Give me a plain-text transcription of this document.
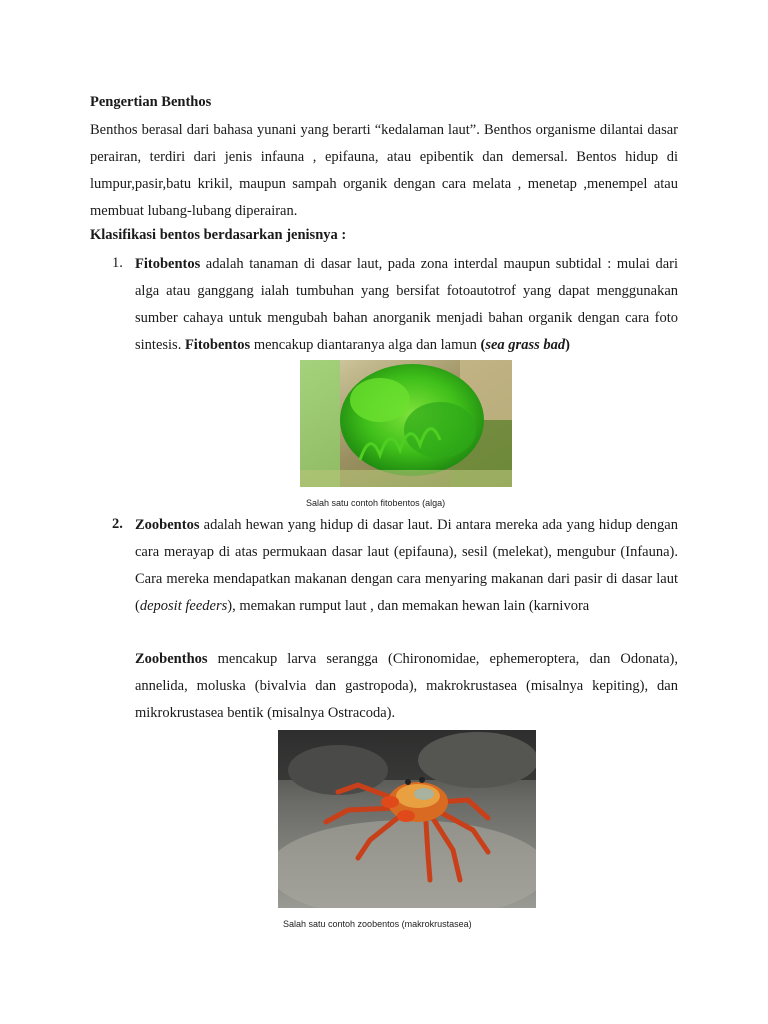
Pengertian Benthos
Benthos berasal dari bahasa yunani yang berarti “kedalaman laut”. Benthos organisme dilantai dasar perairan, terdiri dari jenis infauna , epifauna, atau epibentik dan demersal. Bentos hidup di lumpur,pasir,batu krikil, maupun sampah organik dengan cara melata , menetap ,menempel atau membuat lubang-lubang diperairan.
Klasifikasi bentos berdasarkan jenisnya :
1. Fitobentos adalah tanaman di dasar laut, pada zona interdal maupun subtidal : mulai dari alga atau ganggang ialah tumbuhan yang bersifat fotoautotrof yang dapat menggunakan sumber cahaya untuk mengubah bahan anorganik menjadi bahan organik dengan cara foto sintesis. Fitobentos mencakup diantaranya alga dan lamun (sea grass bad)
Salah satu contoh fitobentos (alga)
2. Zoobentos adalah hewan yang hidup di dasar laut. Di antara mereka ada yang hidup dengan cara merayap di atas permukaan dasar laut (epifauna), sesil (melekat), mengubur (Infauna). Cara mereka mendapatkan makanan dengan cara menyaring makanan dari pasir di dasar laut (deposit feeders), memakan rumput laut , dan memakan hewan lain (karnivora
Zoobenthos mencakup larva serangga (Chironomidae, ephemeroptera, dan Odonata), annelida, moluska (bivalvia dan gastropoda), makrokrustasea (misalnya kepiting), dan mikrokrustasea bentik (misalnya Ostracoda).
Salah satu contoh zoobentos (makrokrustasea)
